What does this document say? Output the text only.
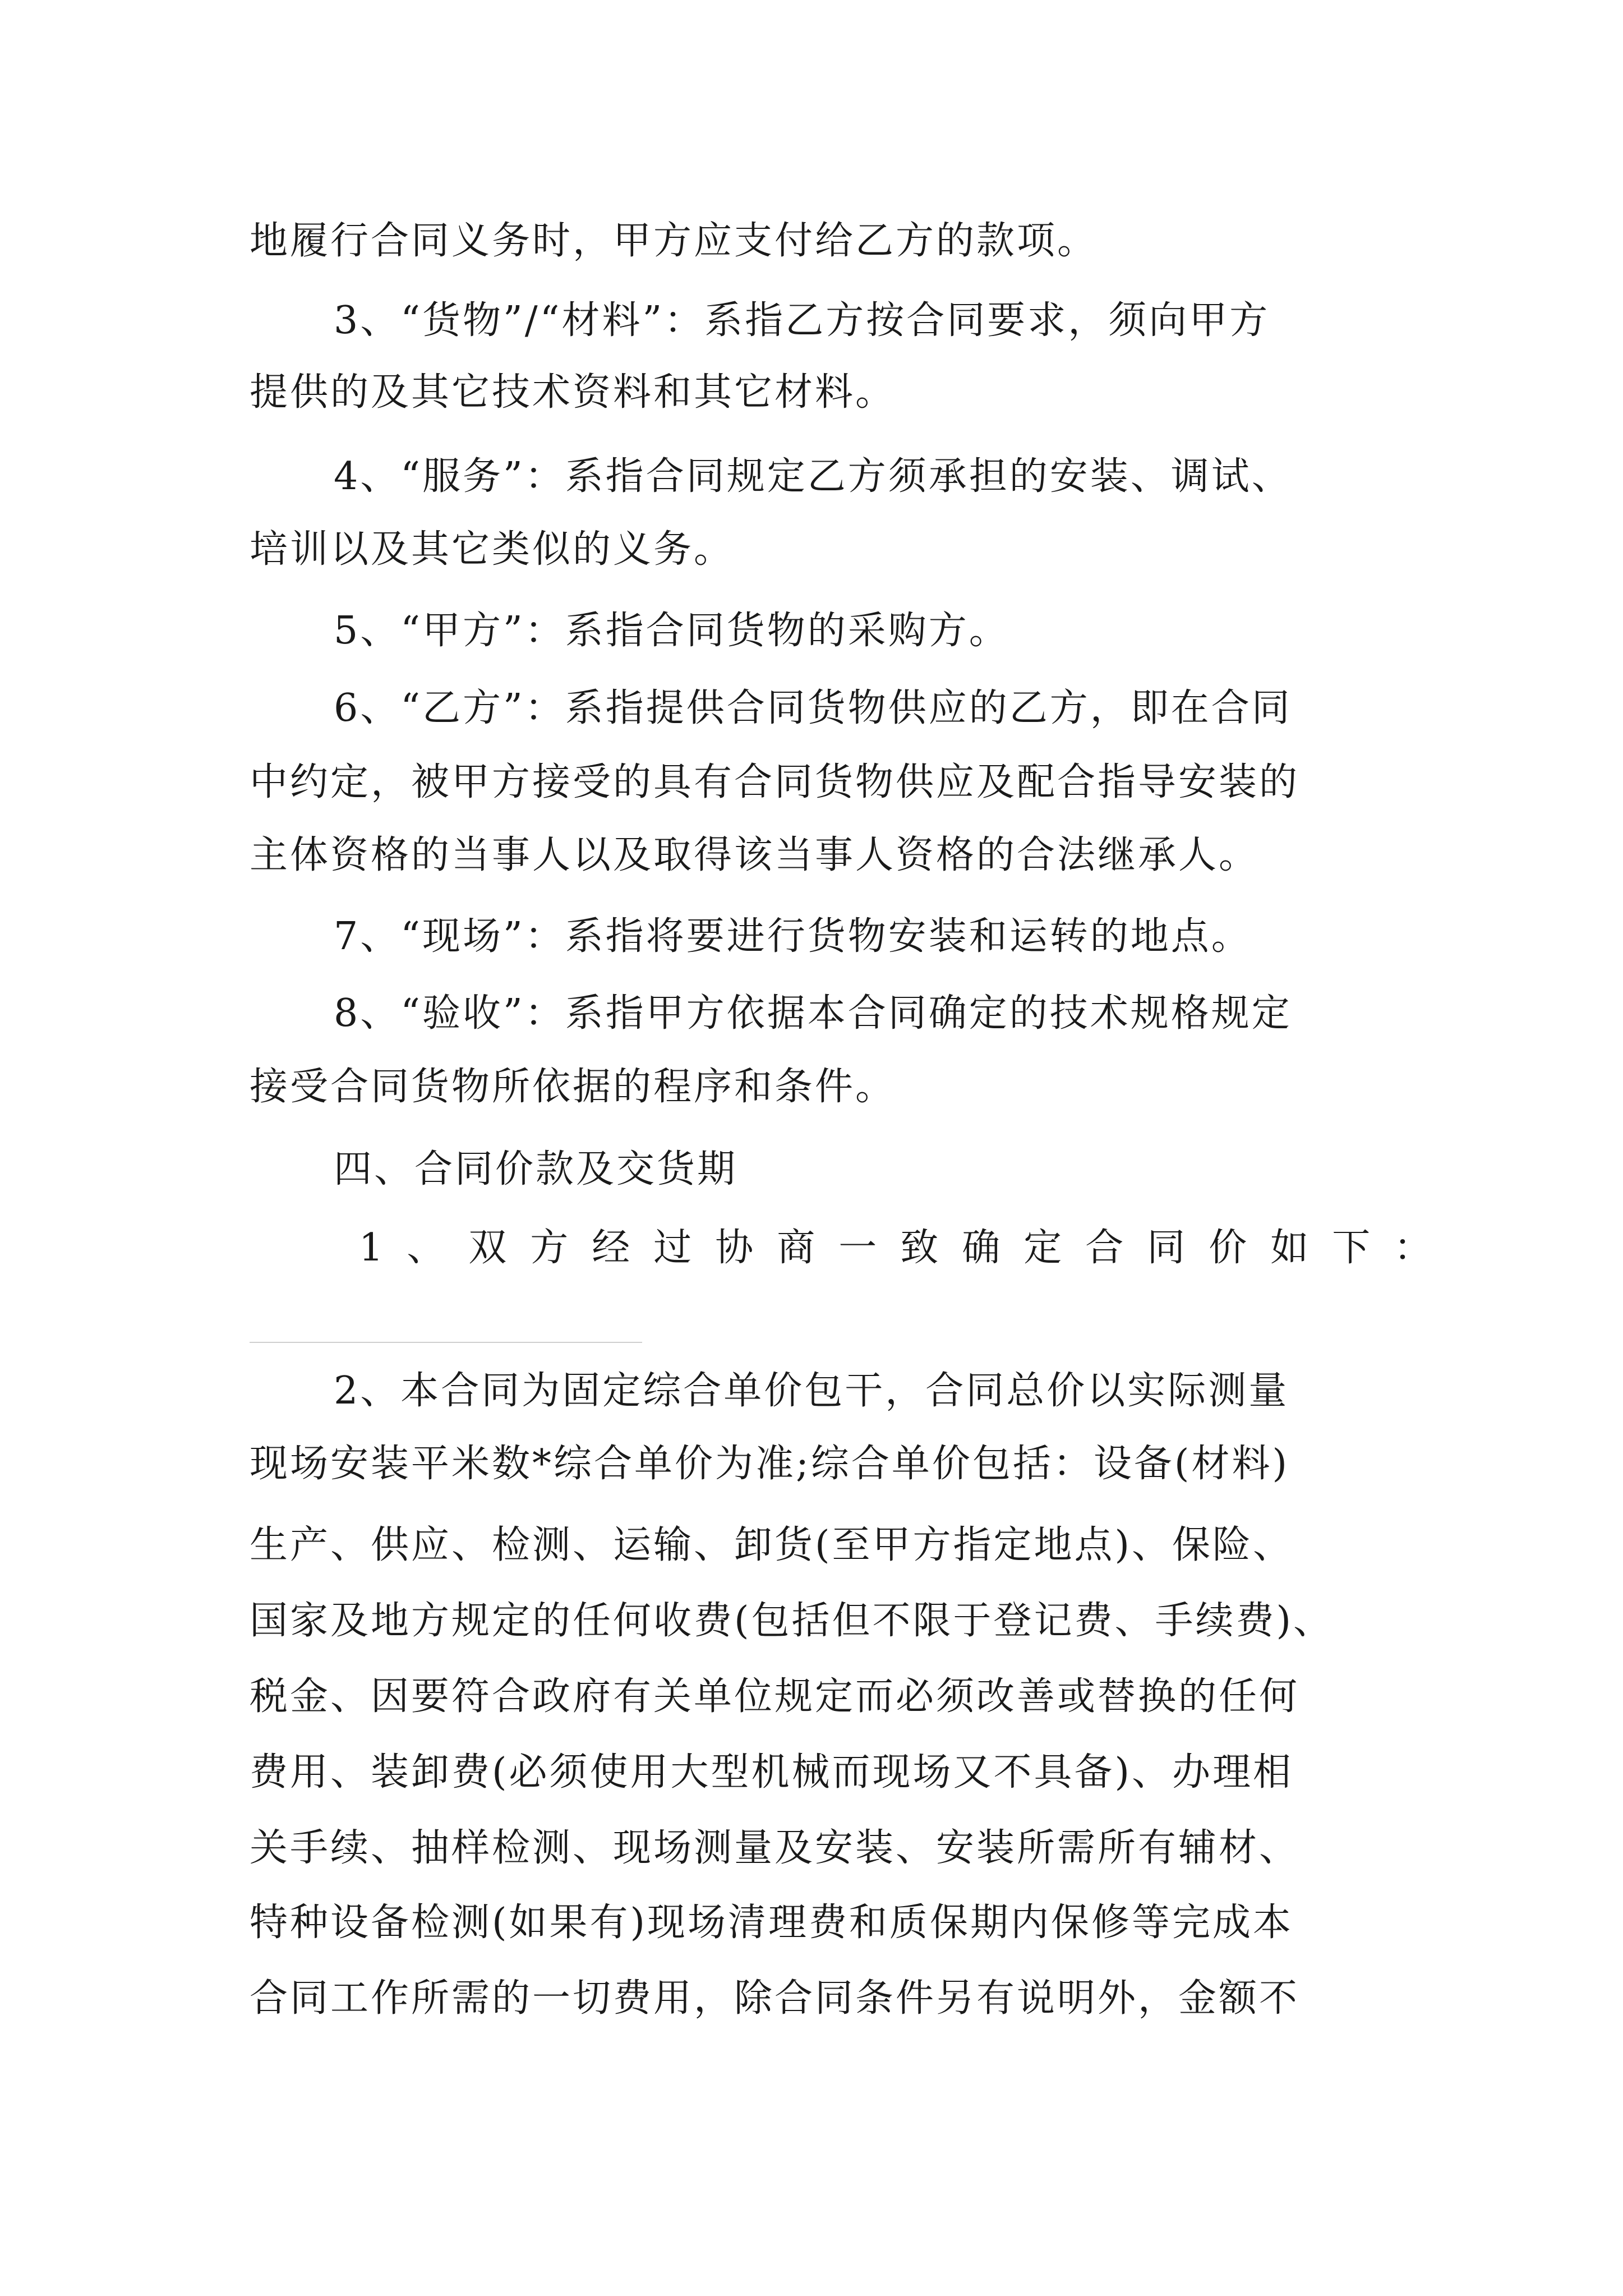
地履行合同义务时，甲方应支付给乙方的款项。
3、“货物”/“材料”：系指乙方按合同要求，须向甲方
提供的及其它技术资料和其它材料。
4、“服务”：系指合同规定乙方须承担的安装、调试、
培训以及其它类似的义务。
5、“甲方”：系指合同货物的采购方。
6、“乙方”：系指提供合同货物供应的乙方，即在合同
中约定，被甲方接受的具有合同货物供应及配合指导安装的
主体资格的当事人以及取得该当事人资格的合法继承人。
7、“现场”：系指将要进行货物安装和运转的地点。
8、“验收”：系指甲方依据本合同确定的技术规格规定
接受合同货物所依据的程序和条件。
四、合同价款及交货期
1、双方经过协商一致确定合同价如下：
2、本合同为固定综合单价包干，合同总价以实际测量
现场安装平米数*综合单价为准;综合单价包括：设备(材料)
生产、供应、检测、运输、卸货(至甲方指定地点)、保险、
国家及地方规定的任何收费(包括但不限于登记费、手续费)、
税金、因要符合政府有关单位规定而必须改善或替换的任何
费用、装卸费(必须使用大型机械而现场又不具备)、办理相
关手续、抽样检测、现场测量及安装、安装所需所有辅材、
特种设备检测(如果有)现场清理费和质保期内保修等完成本
合同工作所需的一切费用，除合同条件另有说明外，金额不
